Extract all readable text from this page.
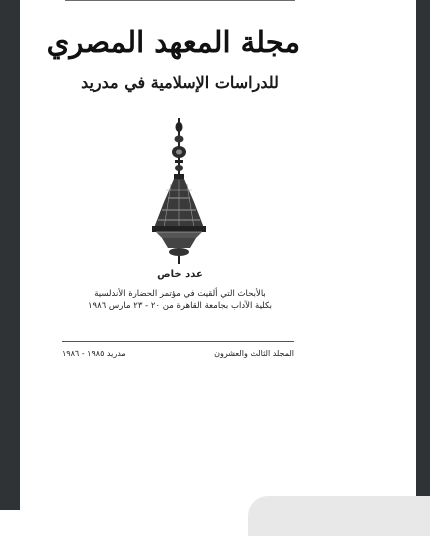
مجلة المعهد المصري
للدراسات الإسلامية في مدريد
عدد خاص
بالأبحاث التي ألقيت في مؤتمر الحضارة الأندلسية
بكلية الآداب بجامعة القاهرة من ٢٠ - ٢٣ مارس ١٩٨٦
المجلد الثالث والعشرون
مدريد ١٩٨٥ - ١٩٨٦
